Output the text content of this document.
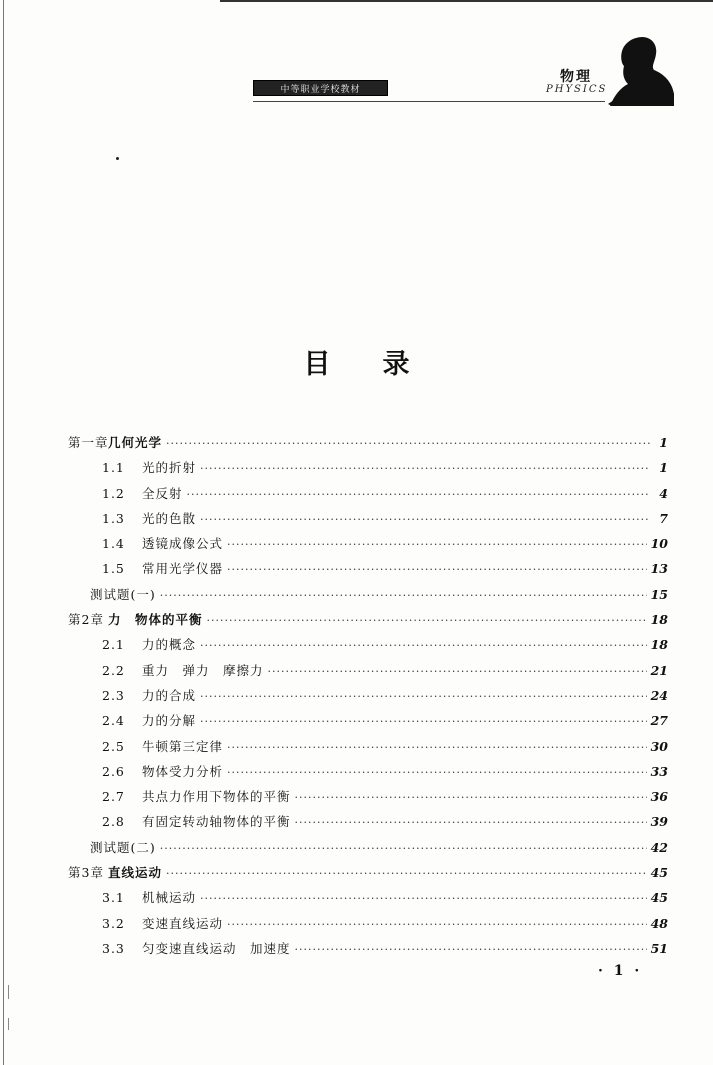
中等职业学校教材
物理
PHYSICS
目录
第一章 几何光学 ·····	1
1.1	光的折射 ·····	1
1.2	全反射 ·····	4
1.3	光的色散 ·····	7
1.4	透镜成像公式 ·····	10
1.5	常用光学仪器 ·····	13
测试题(一) ·····	15
第2章 力　物体的平衡 ·····	18
2.1	力的概念 ·····	18
2.2	重力　弹力　摩擦力 ·····	21
2.3	力的合成 ·····	24
2.4	力的分解 ·····	27
2.5	牛顿第三定律 ·····	30
2.6	物体受力分析 ·····	33
2.7	共点力作用下物体的平衡 ·····	36
2.8	有固定转动轴物体的平衡 ·····	39
测试题(二) ·····	42
第3章 直线运动 ·····	45
3.1	机械运动 ·····	45
3.2	变速直线运动 ·····	48
3.3	匀变速直线运动　加速度 ·····	51
· 1 ·
